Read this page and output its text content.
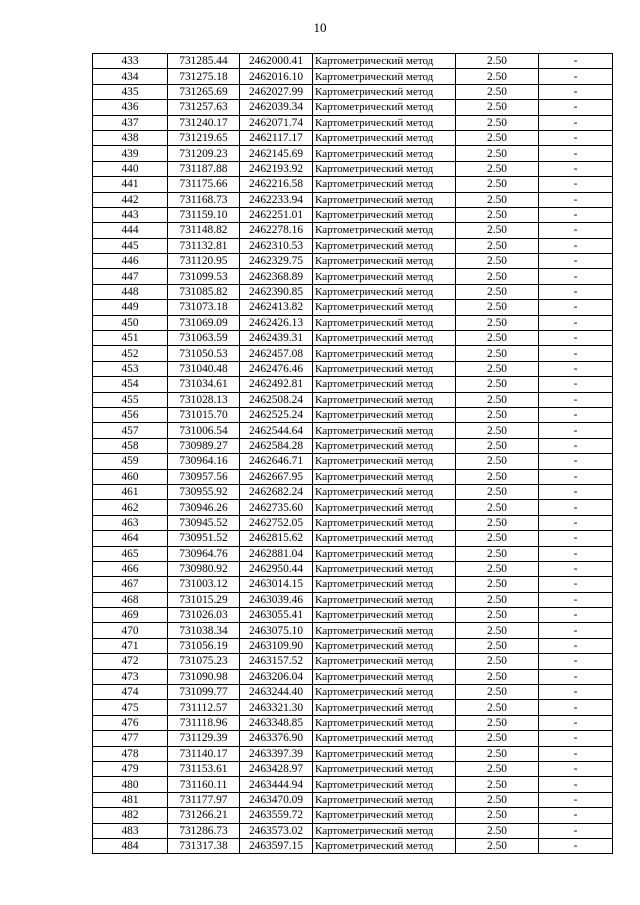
10
433	731285.44	2462000.41	Картометрический метод	2.50	-
434	731275.18	2462016.10	Картометрический метод	2.50	-
435	731265.69	2462027.99	Картометрический метод	2.50	-
436	731257.63	2462039.34	Картометрический метод	2.50	-
437	731240.17	2462071.74	Картометрический метод	2.50	-
438	731219.65	2462117.17	Картометрический метод	2.50	-
439	731209.23	2462145.69	Картометрический метод	2.50	-
440	731187.88	2462193.92	Картометрический метод	2.50	-
441	731175.66	2462216.58	Картометрический метод	2.50	-
442	731168.73	2462233.94	Картометрический метод	2.50	-
443	731159.10	2462251.01	Картометрический метод	2.50	-
444	731148.82	2462278.16	Картометрический метод	2.50	-
445	731132.81	2462310.53	Картометрический метод	2.50	-
446	731120.95	2462329.75	Картометрический метод	2.50	-
447	731099.53	2462368.89	Картометрический метод	2.50	-
448	731085.82	2462390.85	Картометрический метод	2.50	-
449	731073.18	2462413.82	Картометрический метод	2.50	-
450	731069.09	2462426.13	Картометрический метод	2.50	-
451	731063.59	2462439.31	Картометрический метод	2.50	-
452	731050.53	2462457.08	Картометрический метод	2.50	-
453	731040.48	2462476.46	Картометрический метод	2.50	-
454	731034.61	2462492.81	Картометрический метод	2.50	-
455	731028.13	2462508.24	Картометрический метод	2.50	-
456	731015.70	2462525.24	Картометрический метод	2.50	-
457	731006.54	2462544.64	Картометрический метод	2.50	-
458	730989.27	2462584.28	Картометрический метод	2.50	-
459	730964.16	2462646.71	Картометрический метод	2.50	-
460	730957.56	2462667.95	Картометрический метод	2.50	-
461	730955.92	2462682.24	Картометрический метод	2.50	-
462	730946.26	2462735.60	Картометрический метод	2.50	-
463	730945.52	2462752.05	Картометрический метод	2.50	-
464	730951.52	2462815.62	Картометрический метод	2.50	-
465	730964.76	2462881.04	Картометрический метод	2.50	-
466	730980.92	2462950.44	Картометрический метод	2.50	-
467	731003.12	2463014.15	Картометрический метод	2.50	-
468	731015.29	2463039.46	Картометрический метод	2.50	-
469	731026.03	2463055.41	Картометрический метод	2.50	-
470	731038.34	2463075.10	Картометрический метод	2.50	-
471	731056.19	2463109.90	Картометрический метод	2.50	-
472	731075.23	2463157.52	Картометрический метод	2.50	-
473	731090.98	2463206.04	Картометрический метод	2.50	-
474	731099.77	2463244.40	Картометрический метод	2.50	-
475	731112.57	2463321.30	Картометрический метод	2.50	-
476	731118.96	2463348.85	Картометрический метод	2.50	-
477	731129.39	2463376.90	Картометрический метод	2.50	-
478	731140.17	2463397.39	Картометрический метод	2.50	-
479	731153.61	2463428.97	Картометрический метод	2.50	-
480	731160.11	2463444.94	Картометрический метод	2.50	-
481	731177.97	2463470.09	Картометрический метод	2.50	-
482	731266.21	2463559.72	Картометрический метод	2.50	-
483	731286.73	2463573.02	Картометрический метод	2.50	-
484	731317.38	2463597.15	Картометрический метод	2.50	-
